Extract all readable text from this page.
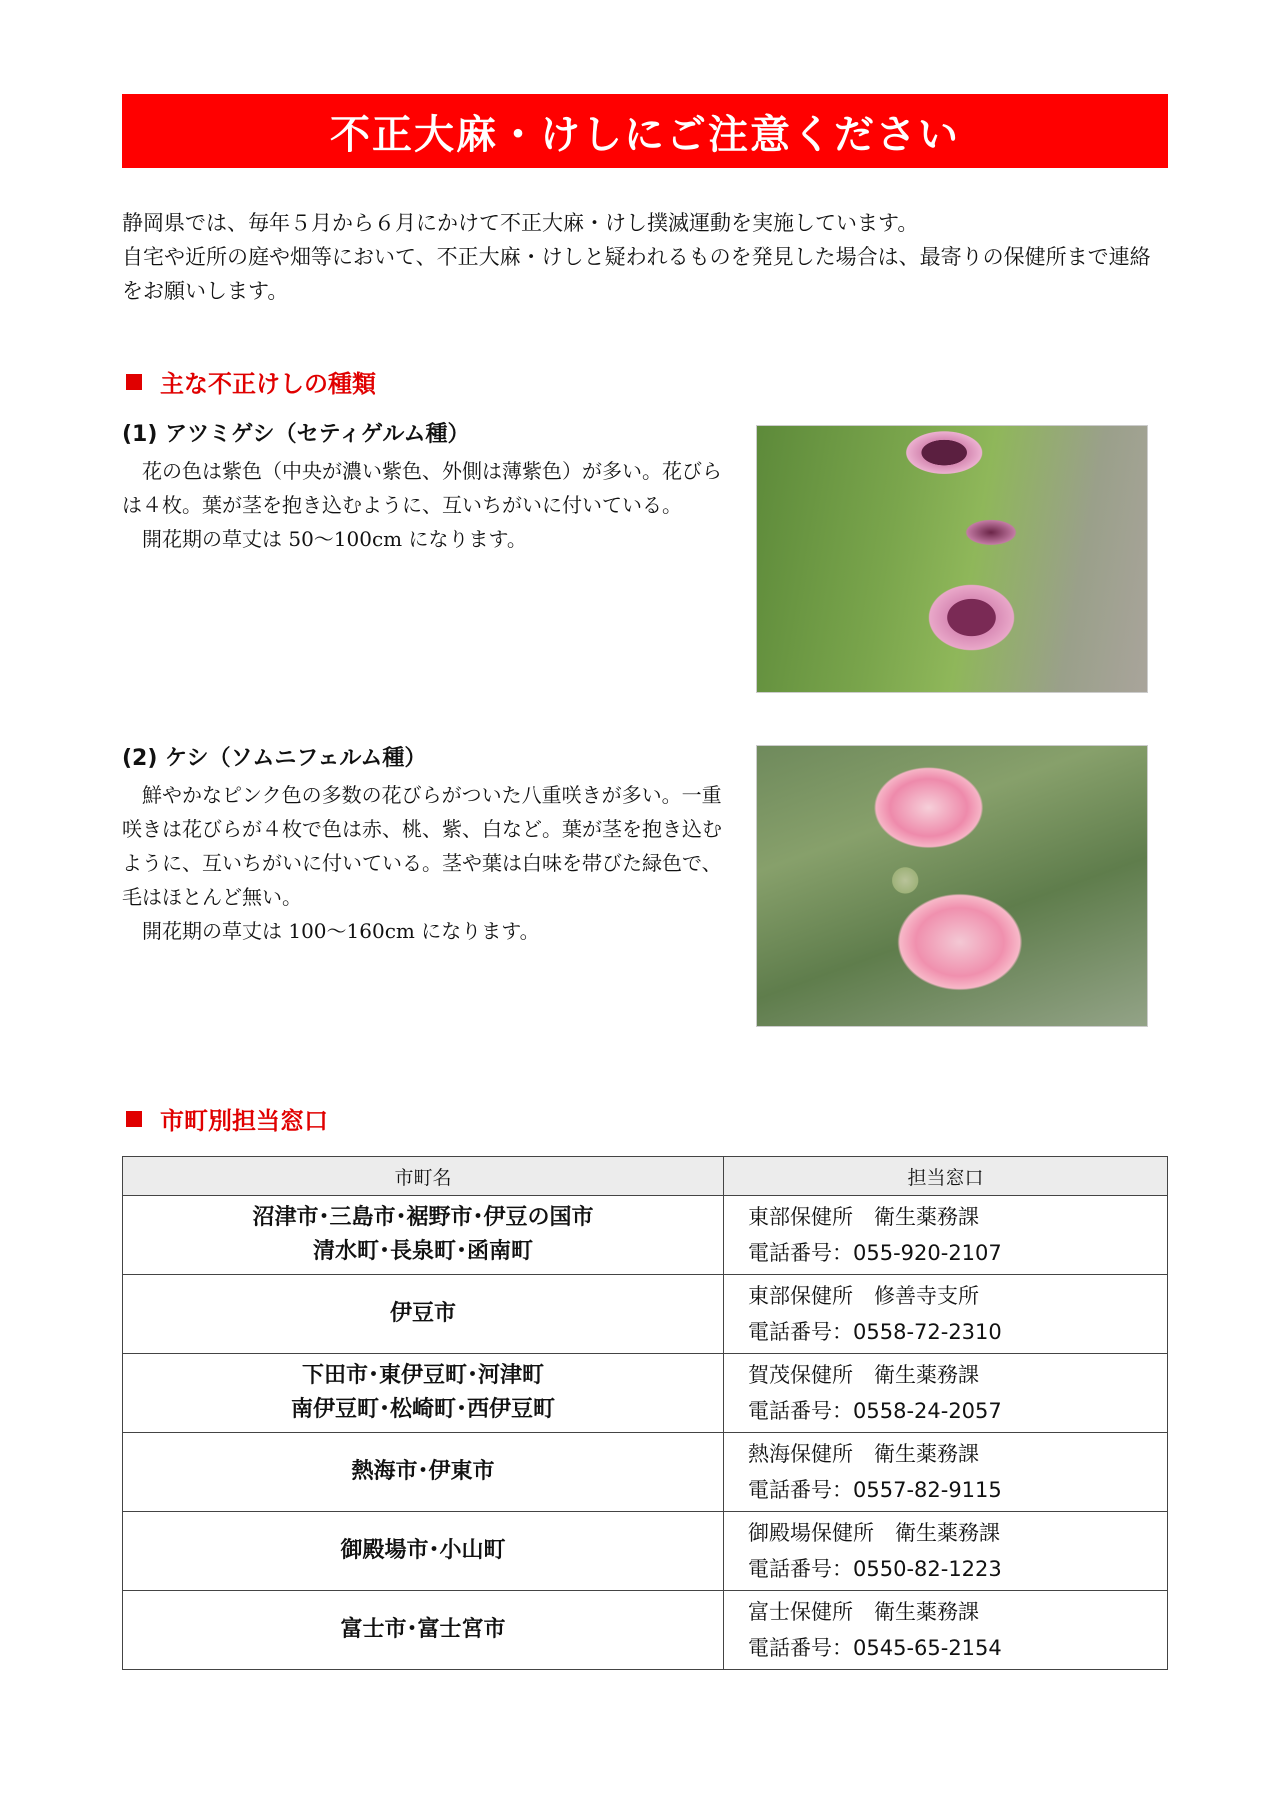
不正大麻・けしにご注意ください

静岡県では、毎年５月から６月にかけて不正大麻・けし撲滅運動を実施しています。

自宅や近所の庭や畑等において、不正大麻・けしと疑われるものを発見した場合は、最寄りの保健所まで連絡をお願いします。

主な不正けしの種類
(1) アツミゲシ（セティゲルム種）

花の色は紫色（中央が濃い紫色、外側は薄紫色）が多い。花びらは４枚。葉が茎を抱き込むように、互いちがいに付いている。

開花期の草丈は 50～100cm になります。

(2) ケシ（ソムニフェルム種）

鮮やかなピンク色の多数の花びらがついた八重咲きが多い。一重咲きは花びらが４枚で色は赤、桃、紫、白など。葉が茎を抱き込むように、互いちがいに付いている。茎や葉は白味を帯びた緑色で、毛はほとんど無い。

開花期の草丈は 100～160cm になります。

市町別担当窓口
市町名	担当窓口

沼津市･三島市･裾野市･伊豆の国市
清水町･長泉町･函南町	東部保健所　衛生薬務課
電話番号：055-920-2107

伊豆市	東部保健所　修善寺支所
電話番号：0558-72-2310

下田市･東伊豆町･河津町
南伊豆町･松崎町･西伊豆町	賀茂保健所　衛生薬務課
電話番号：0558-24-2057

熱海市･伊東市	熱海保健所　衛生薬務課
電話番号：0557-82-9115

御殿場市･小山町	御殿場保健所　衛生薬務課
電話番号：0550-82-1223

富士市･富士宮市	富士保健所　衛生薬務課
電話番号：0545-65-2154
